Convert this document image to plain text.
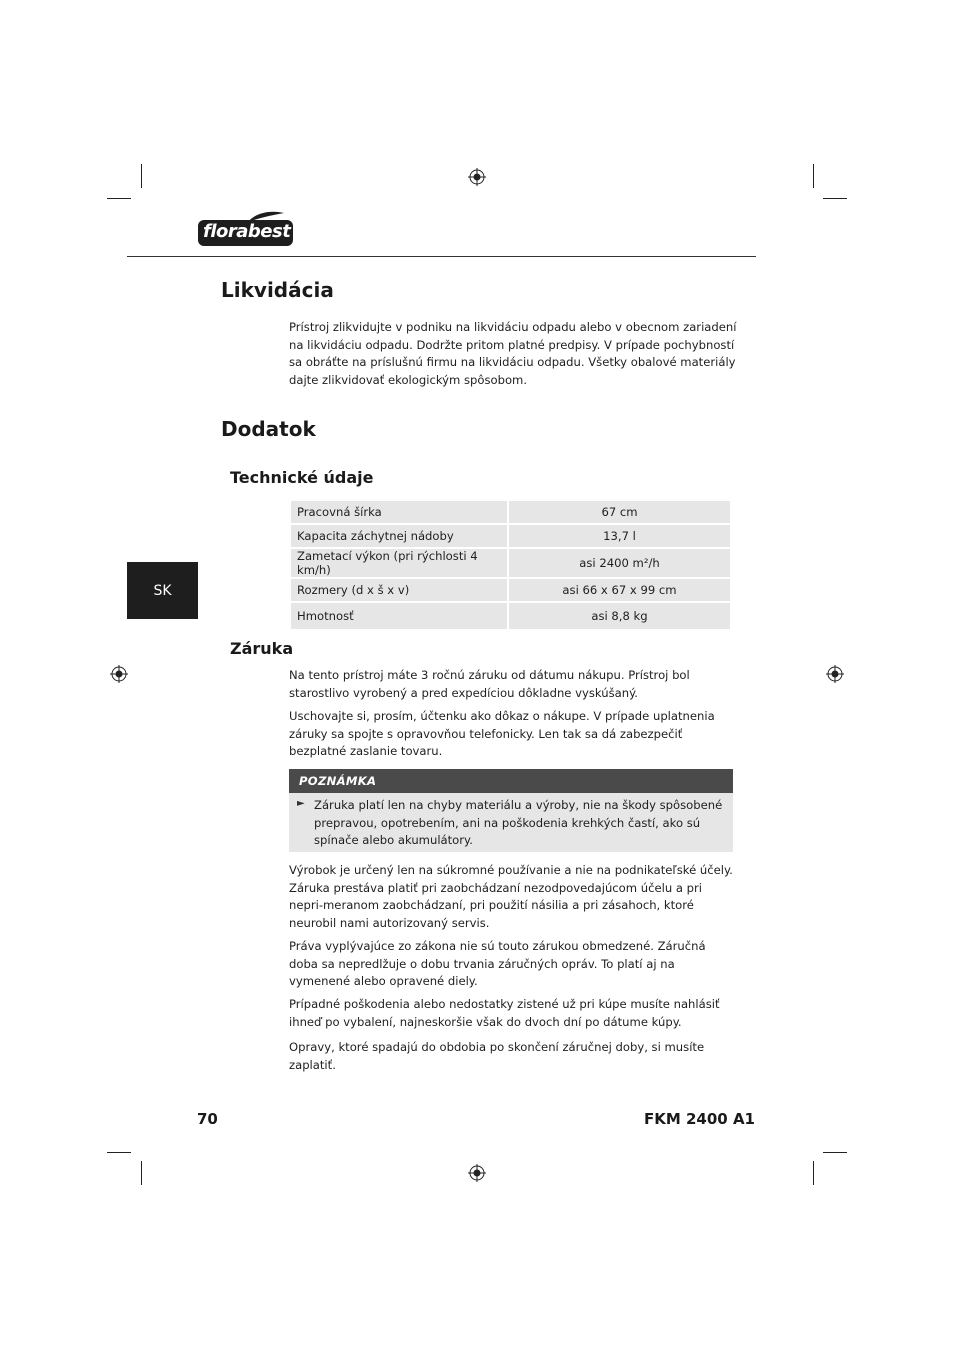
florabest
Likvidácia

Prístroj zlikvidujte v podniku na likvidáciu odpadu alebo v obecnom zariadení na likvidáciu odpadu. Dodržte pritom platné predpisy. V prípade pochybností sa obráťte na príslušnú firmu na likvidáciu odpadu. Všetky obalové materiály dajte zlikvidovať ekologickým spôsobom.

Dodatok
Technické údaje
SK
Pracovná šírka	67 cm
Kapacita záchytnej nádoby	13,7 l
Zametací výkon (pri rýchlosti 4 km/h)	asi 2400 m²/h
Rozmery (d x š x v)	asi 66 x 67 x 99 cm
Hmotnosť	asi 8,8 kg
Záruka

Na tento prístroj máte 3 ročnú záruku od dátumu nákupu. Prístroj bol starostlivo vyrobený a pred expedíciou dôkladne vyskúšaný.

Uschovajte si, prosím, účtenku ako dôkaz o nákupe. V prípade uplatnenia záruky sa spojte s opravovňou telefonicky. Len tak sa dá zabezpečiť bezplatné zaslanie tovaru.

POZNÁMKA
► Záruka platí len na chyby materiálu a výroby, nie na škody spôsobené prepravou, opotrebením, ani na poškodenia krehkých častí, ako sú spínače alebo akumulátory.

Výrobok je určený len na súkromné používanie a nie na podnikateľské účely. Záruka prestáva platiť pri zaobchádzaní nezodpovedajúcom účelu a pri nepri-meranom zaobchádzaní, pri použití násilia a pri zásahoch, ktoré neurobil nami autorizovaný servis.

Práva vyplývajúce zo zákona nie sú touto zárukou obmedzené. Záručná doba sa nepredlžuje o dobu trvania záručných opráv. To platí aj na vymenené alebo opravené diely.

Prípadné poškodenia alebo nedostatky zistené už pri kúpe musíte nahlásiť ihneď po vybalení, najneskoršie však do dvoch dní po dátume kúpy.

Opravy, ktoré spadajú do obdobia po skončení záručnej doby, si musíte zaplatiť.

70	FKM 2400 A1
